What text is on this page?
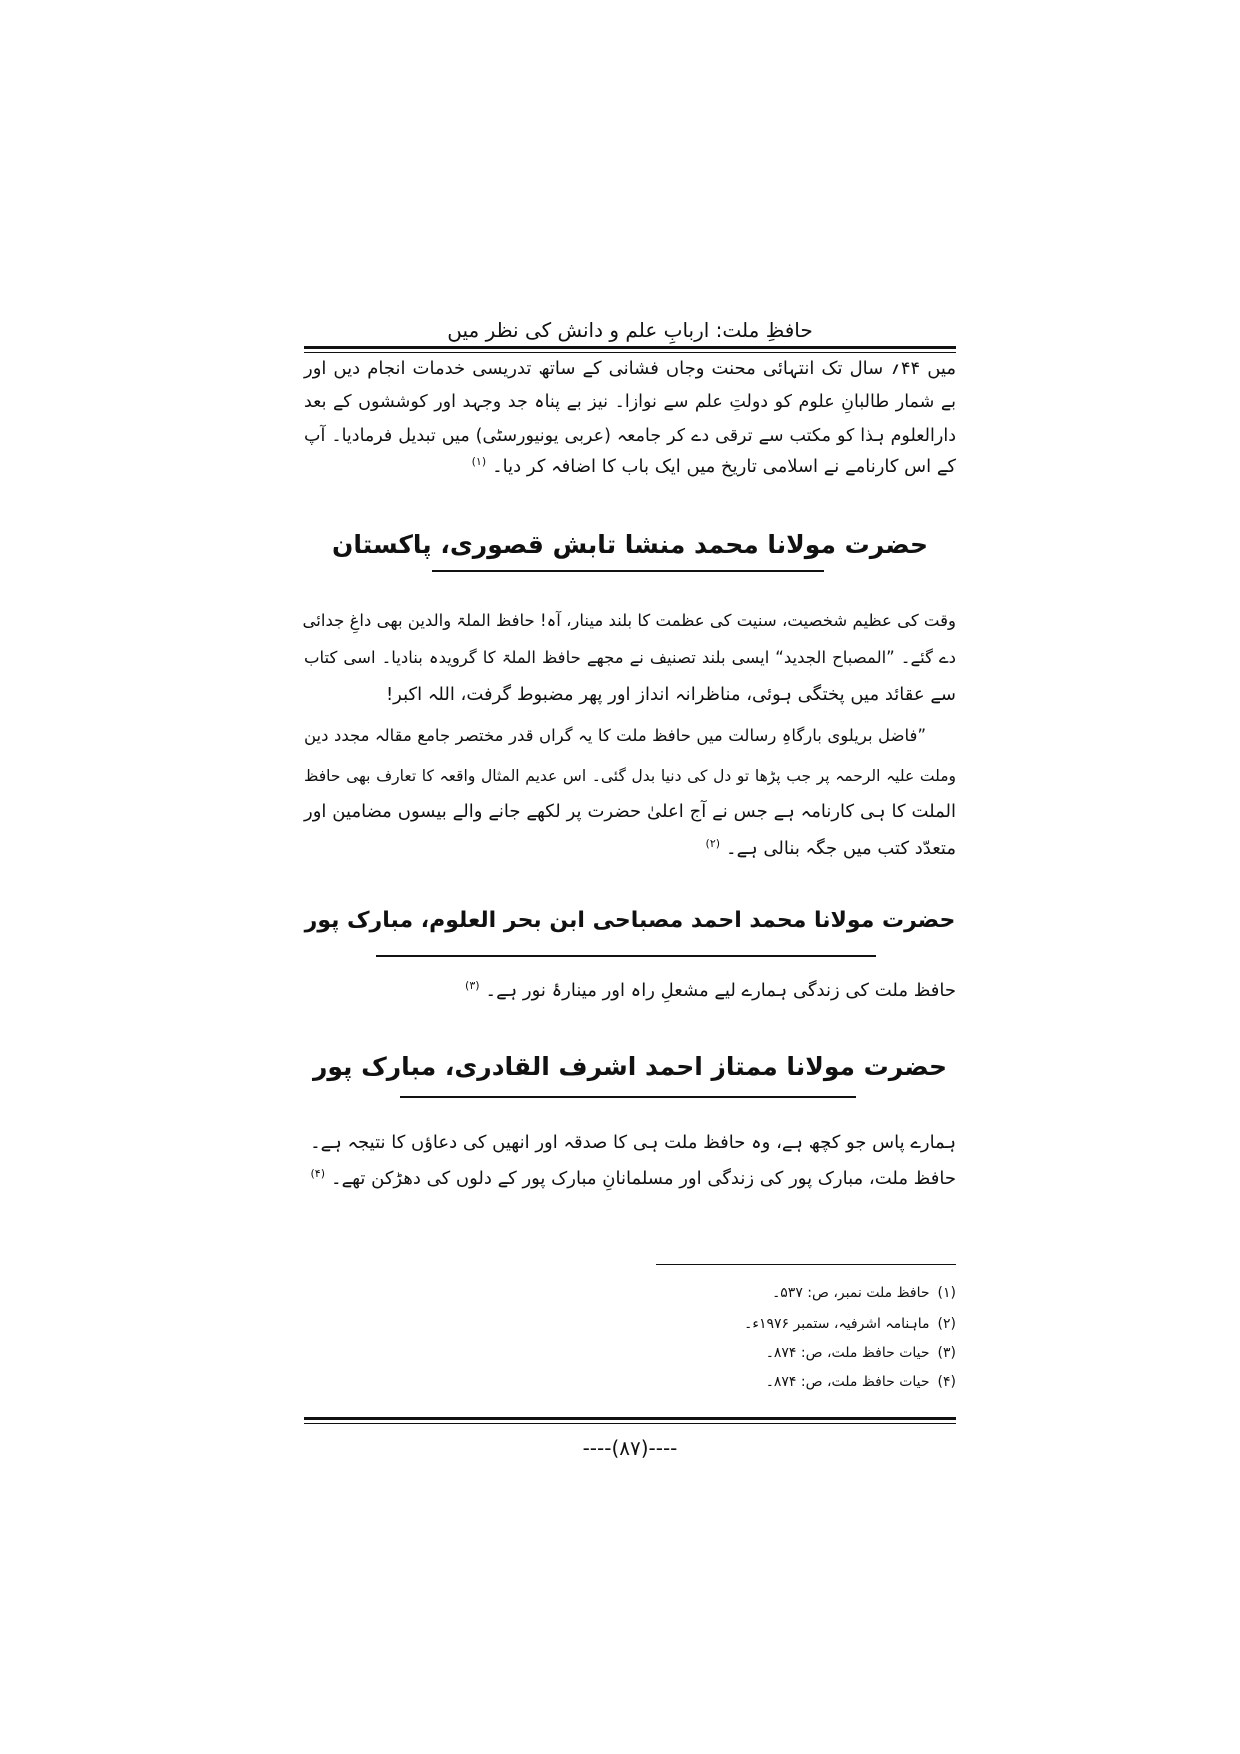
حافظِ ملت: اربابِ علم و دانش کی نظر میں
میں ۴۴؍ سال تک انتہائی محنت وجاں فشانی کے ساتھ تدریسی خدمات انجام دیں اور
بے شمار طالبانِ علوم کو دولتِ علم سے نوازا۔ نیز بے پناہ جد وجہد اور کوششوں کے بعد
دارالعلوم ہذا کو مکتب سے ترقی دے کر جامعہ (عربی یونیورسٹی) میں تبدیل فرمادیا۔ آپ
کے اس کارنامے نے اسلامی تاریخ میں ایک باب کا اضافہ کر دیا۔$^{(۱)}$
حضرت مولانا محمد منشا تابش قصوری، پاکستان
وقت کی عظیم شخصیت، سنیت کی عظمت کا بلند مینار، آہ! حافظ الملۃ والدین بھی داغِ جدائی
دے گئے۔ ”المصباح الجدید“ ایسی بلند تصنیف نے مجھے حافظ الملۃ کا گرویدہ بنادیا۔ اسی کتاب
سے عقائد میں پختگی ہوئی، مناظرانہ انداز اور پھر مضبوط گرفت، اللہ اکبر!
”فاضل بریلوی بارگاہِ رسالت میں حافظ ملت کا یہ گراں قدر مختصر جامع مقالہ مجدد دین
وملت علیہ الرحمہ پر جب پڑھا تو دل کی دنیا بدل گئی۔ اس عدیم المثال واقعہ کا تعارف بھی حافظ
الملت کا ہی کارنامہ ہے جس نے آج اعلیٰ حضرت پر لکھے جانے والے بیسوں مضامین اور
متعدّد کتب میں جگہ بنالی ہے۔$^{(۲)}$
حضرت مولانا محمد احمد مصباحی ابن بحر العلوم، مبارک پور
حافظ ملت کی زندگی ہمارے لیے مشعلِ راہ اور مینارۂ نور ہے۔$^{(۳)}$
حضرت مولانا ممتاز احمد اشرف القادری، مبارک پور
ہمارے پاس جو کچھ ہے، وہ حافظ ملت ہی کا صدقہ اور انھیں کی دعاؤں کا نتیجہ ہے۔
حافظ ملت، مبارک پور کی زندگی اور مسلمانانِ مبارک پور کے دلوں کی دھڑکن تھے۔$^{(۴)}$
(۱)حافظ ملت نمبر، ص: ۵۳۷۔
(۲)ماہنامہ اشرفیہ، ستمبر ۱۹۷۶ء۔
(۳)حیات حافظ ملت، ص: ۸۷۴۔
(۴)حیات حافظ ملت، ص: ۸۷۴۔
----(۸۷)----
